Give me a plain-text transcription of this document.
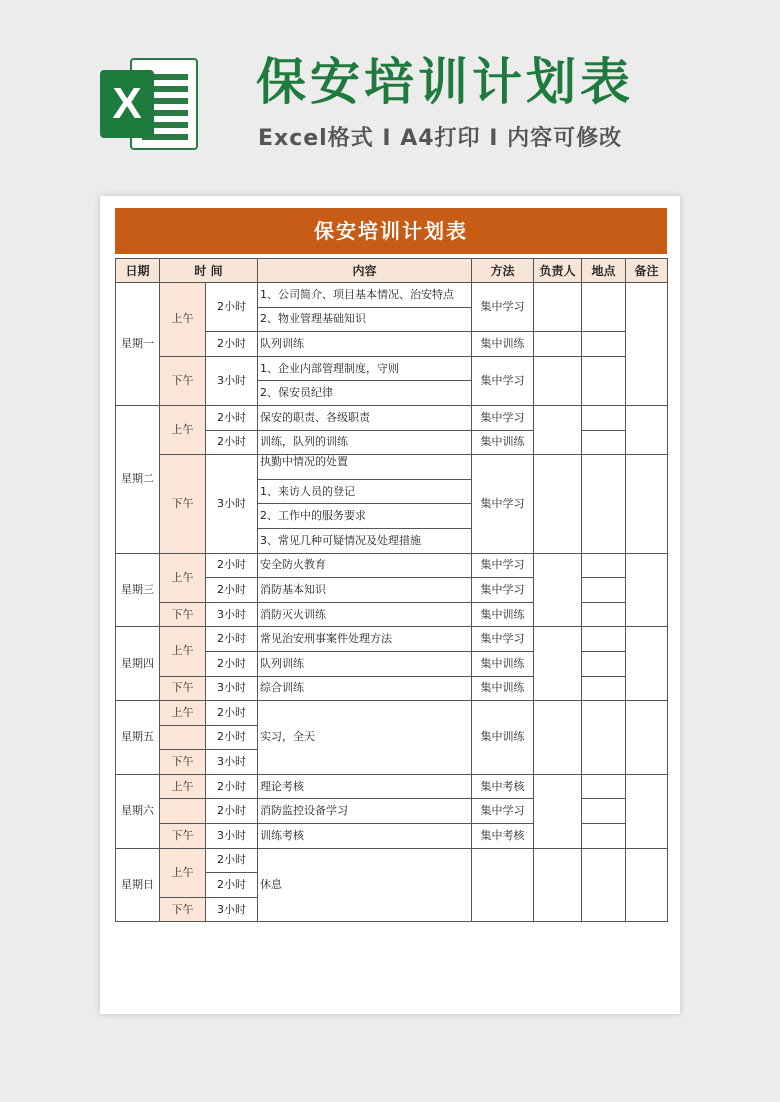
X 保安培训计划表
Excel格式 I A4打印 I 内容可修改
保安培训计划表
日期	时 间		内容	方法	负责人	地点	备注
星期一	上午	2小时	1、公司简介、项目基本情况、治安特点	集中学习			
			2、物业管理基础知识				
		2小时	队列训练	集中训练			
	下午	3小时	1、企业内部管理制度，守则	集中学习			
			2、保安员纪律				
星期二	上午	2小时	保安的职责、各级职责	集中学习			
		2小时	训练，队列的训练	集中训练			
	下午	3小时	执勤中情况的处置	集中学习			

			1、来访人员的登记				
			2、工作中的服务要求				
			3、常见几种可疑情况及处理措施				
星期三	上午	2小时	安全防火教育	集中学习			
		2小时	消防基本知识	集中学习			
	下午	3小时	消防灭火训练	集中训练			

星期四	上午	2小时	常见治安刑事案件处理方法	集中学习			
		2小时	队列训练	集中训练			
	下午	3小时	综合训练	集中训练			
星期五	上午	2小时	实习，全天	集中训练			
		2小时					
	下午	3小时					
星期六	上午	2小时	理论考核	集中考核			
		2小时	消防监控设备学习	集中学习			
	下午	3小时	训练考核	集中考核			
星期日	上午	2小时	休息				
		2小时					
	下午	3小时					
